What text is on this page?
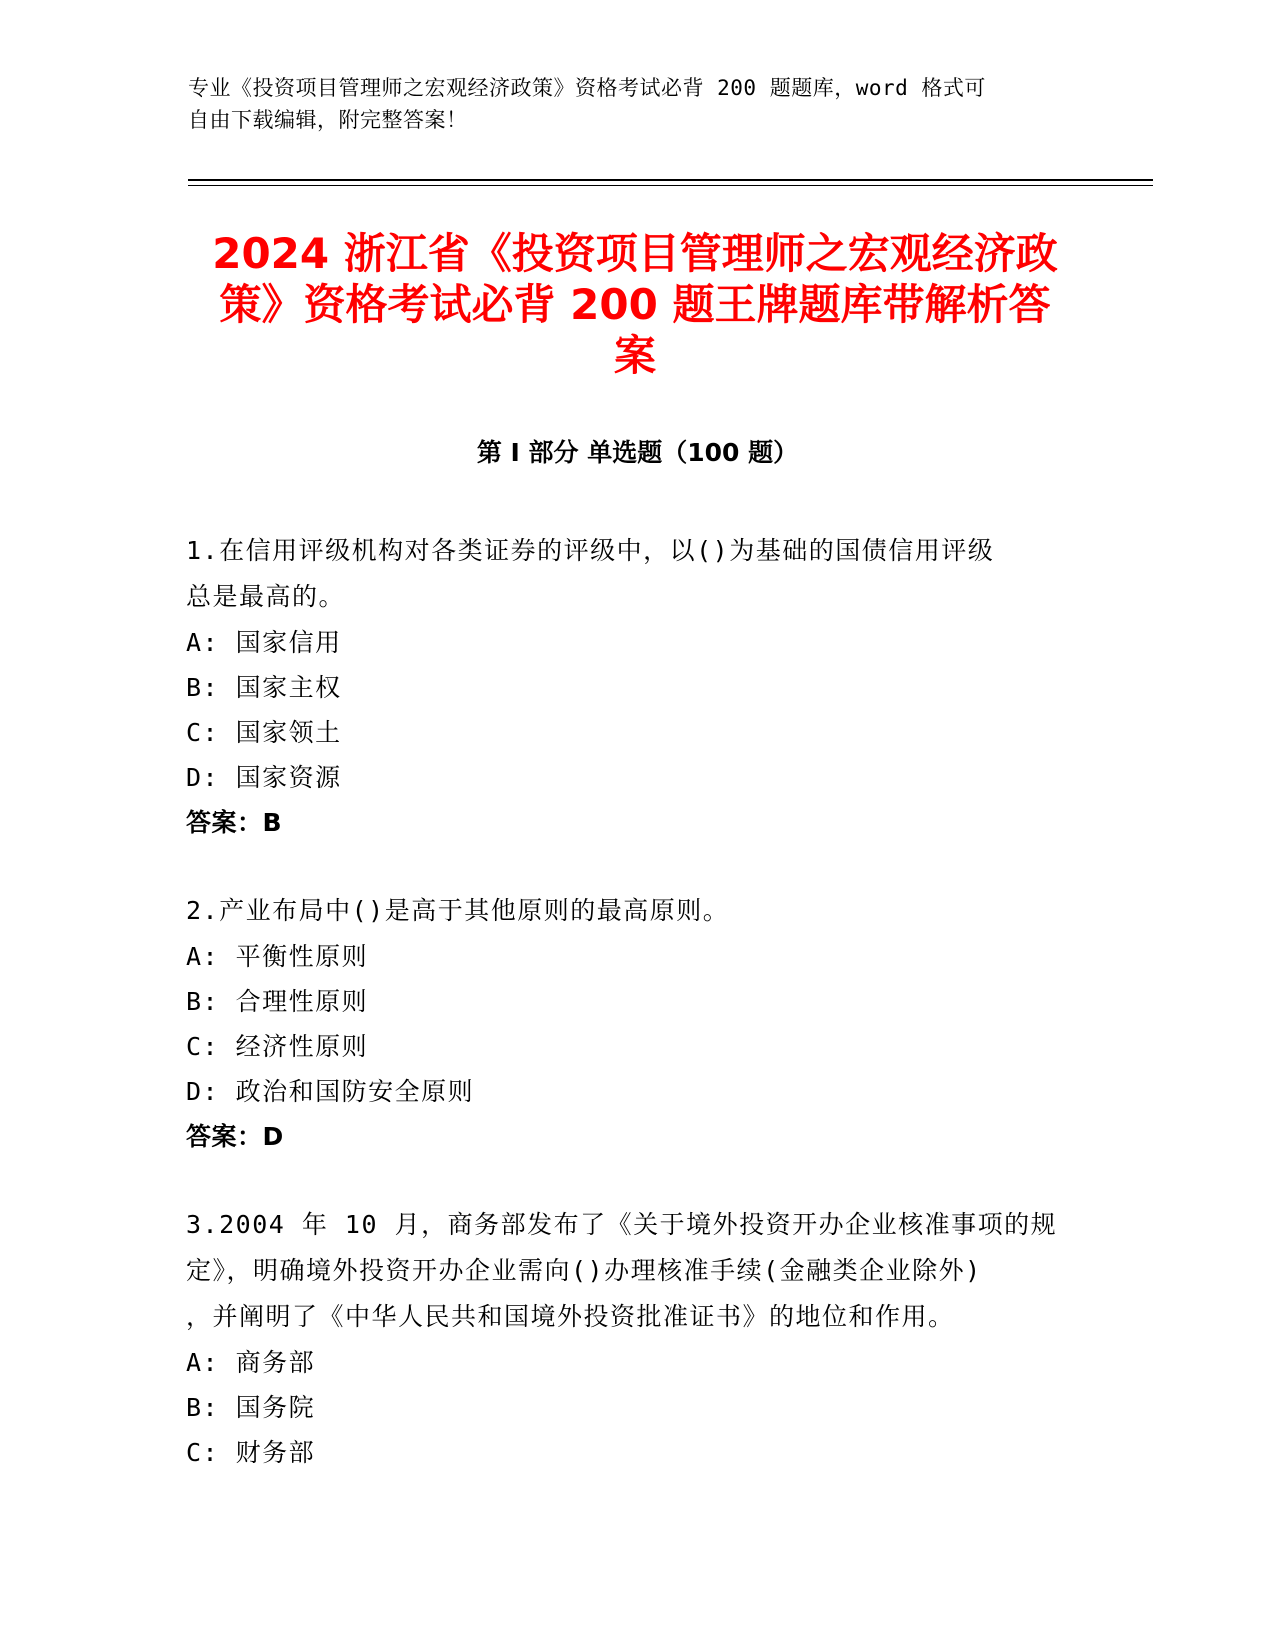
专业《投资项目管理师之宏观经济政策》资格考试必背 200 题题库，word 格式可
自由下载编辑，附完整答案！
2024 浙江省《投资项目管理师之宏观经济政
策》资格考试必背 200 题王牌题库带解析答
案
第 I 部分 单选题（100 题）
1.在信用评级机构对各类证券的评级中，以()为基础的国债信用评级
总是最高的。
A: 国家信用
B: 国家主权
C: 国家领土
D: 国家资源
答案：B
2.产业布局中()是高于其他原则的最高原则。
A: 平衡性原则
B: 合理性原则
C: 经济性原则
D: 政治和国防安全原则
答案：D
3.2004 年 10 月，商务部发布了《关于境外投资开办企业核准事项的规
定》，明确境外投资开办企业需向()办理核准手续(金融类企业除外)
，并阐明了《中华人民共和国境外投资批准证书》的地位和作用。
A: 商务部
B: 国务院
C: 财务部
